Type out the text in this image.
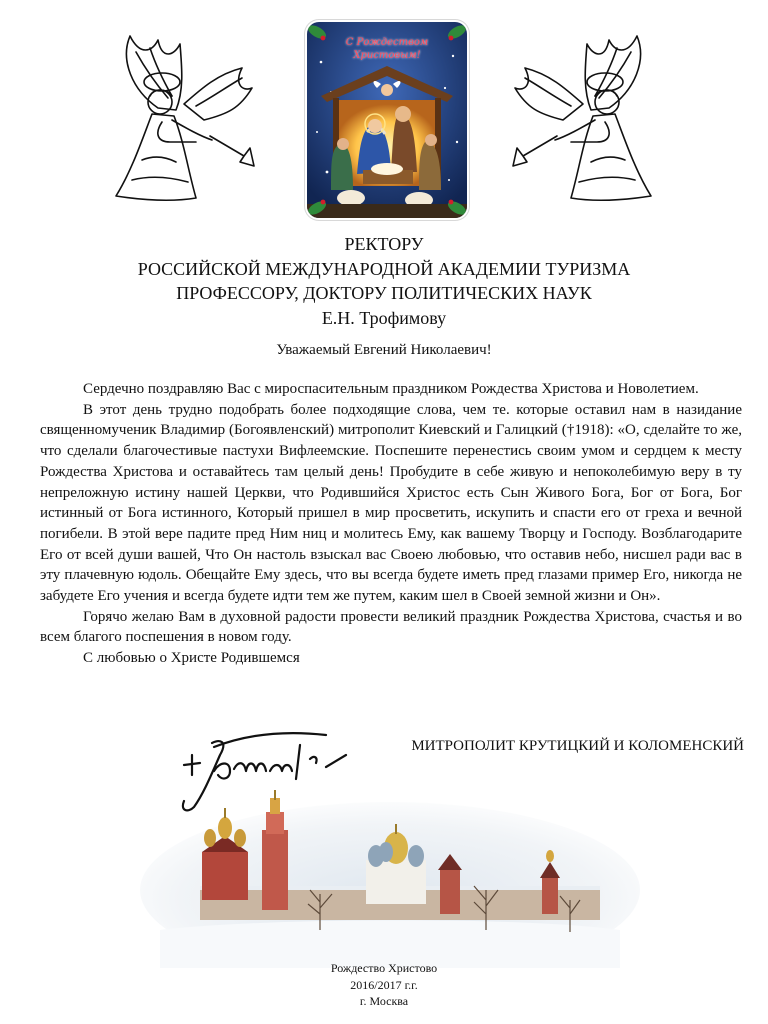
С Рождеством
Христовым!
РЕКТОРУ
РОССИЙСКОЙ МЕЖДУНАРОДНОЙ АКАДЕМИИ ТУРИЗМА
ПРОФЕССОРУ, ДОКТОРУ ПОЛИТИЧЕСКИХ НАУК
Е.Н. Трофимову
Уважаемый Евгений Николаевич!

Сердечно поздравляю Вас с мироспасительным праздником Рождества Христова и Новолетием.

В этот день трудно подобрать более подходящие слова, чем те. которые оставил нам в назидание священномученик Владимир (Богоявленский) митрополит Киевский и Галицкий (†1918): «О, сделайте то же, что сделали благочестивые пастухи Вифлеемские. Поспешите перенестись своим умом и сердцем к месту Рождества Христова и оставайтесь там целый день! Пробудите в себе живую и непоколебимую веру в ту непреложную истину нашей Церкви, что Родившийся Христос есть Сын Живого Бога, Бог от Бога, Бог истинный от Бога истинного, Который пришел в мир просветить, искупить и спасти его от греха и вечной погибели. В этой вере падите пред Ним ниц и молитесь Ему, как вашему Творцу и Господу. Возблагодарите Его от всей души вашей, Что Он настоль взыскал вас Своею любовью, что оставив небо, нисшел ради вас в эту плачевную юдоль. Обещайте Ему здесь, что вы всегда будете иметь пред глазами пример Его, никогда не забудете Его учения и всегда будете идти тем же путем, каким шел в Своей земной жизни и Он».

Горячо желаю Вам в духовной радости провести великий праздник Рождества Христова, счастья и во всем благого поспешения в новом году.

С любовью о Христе Родившемся

МИТРОПОЛИТ КРУТИЦКИЙ И КОЛОМЕНСКИЙ
Рождество Христово
2016/2017 г.г.
г. Москва
